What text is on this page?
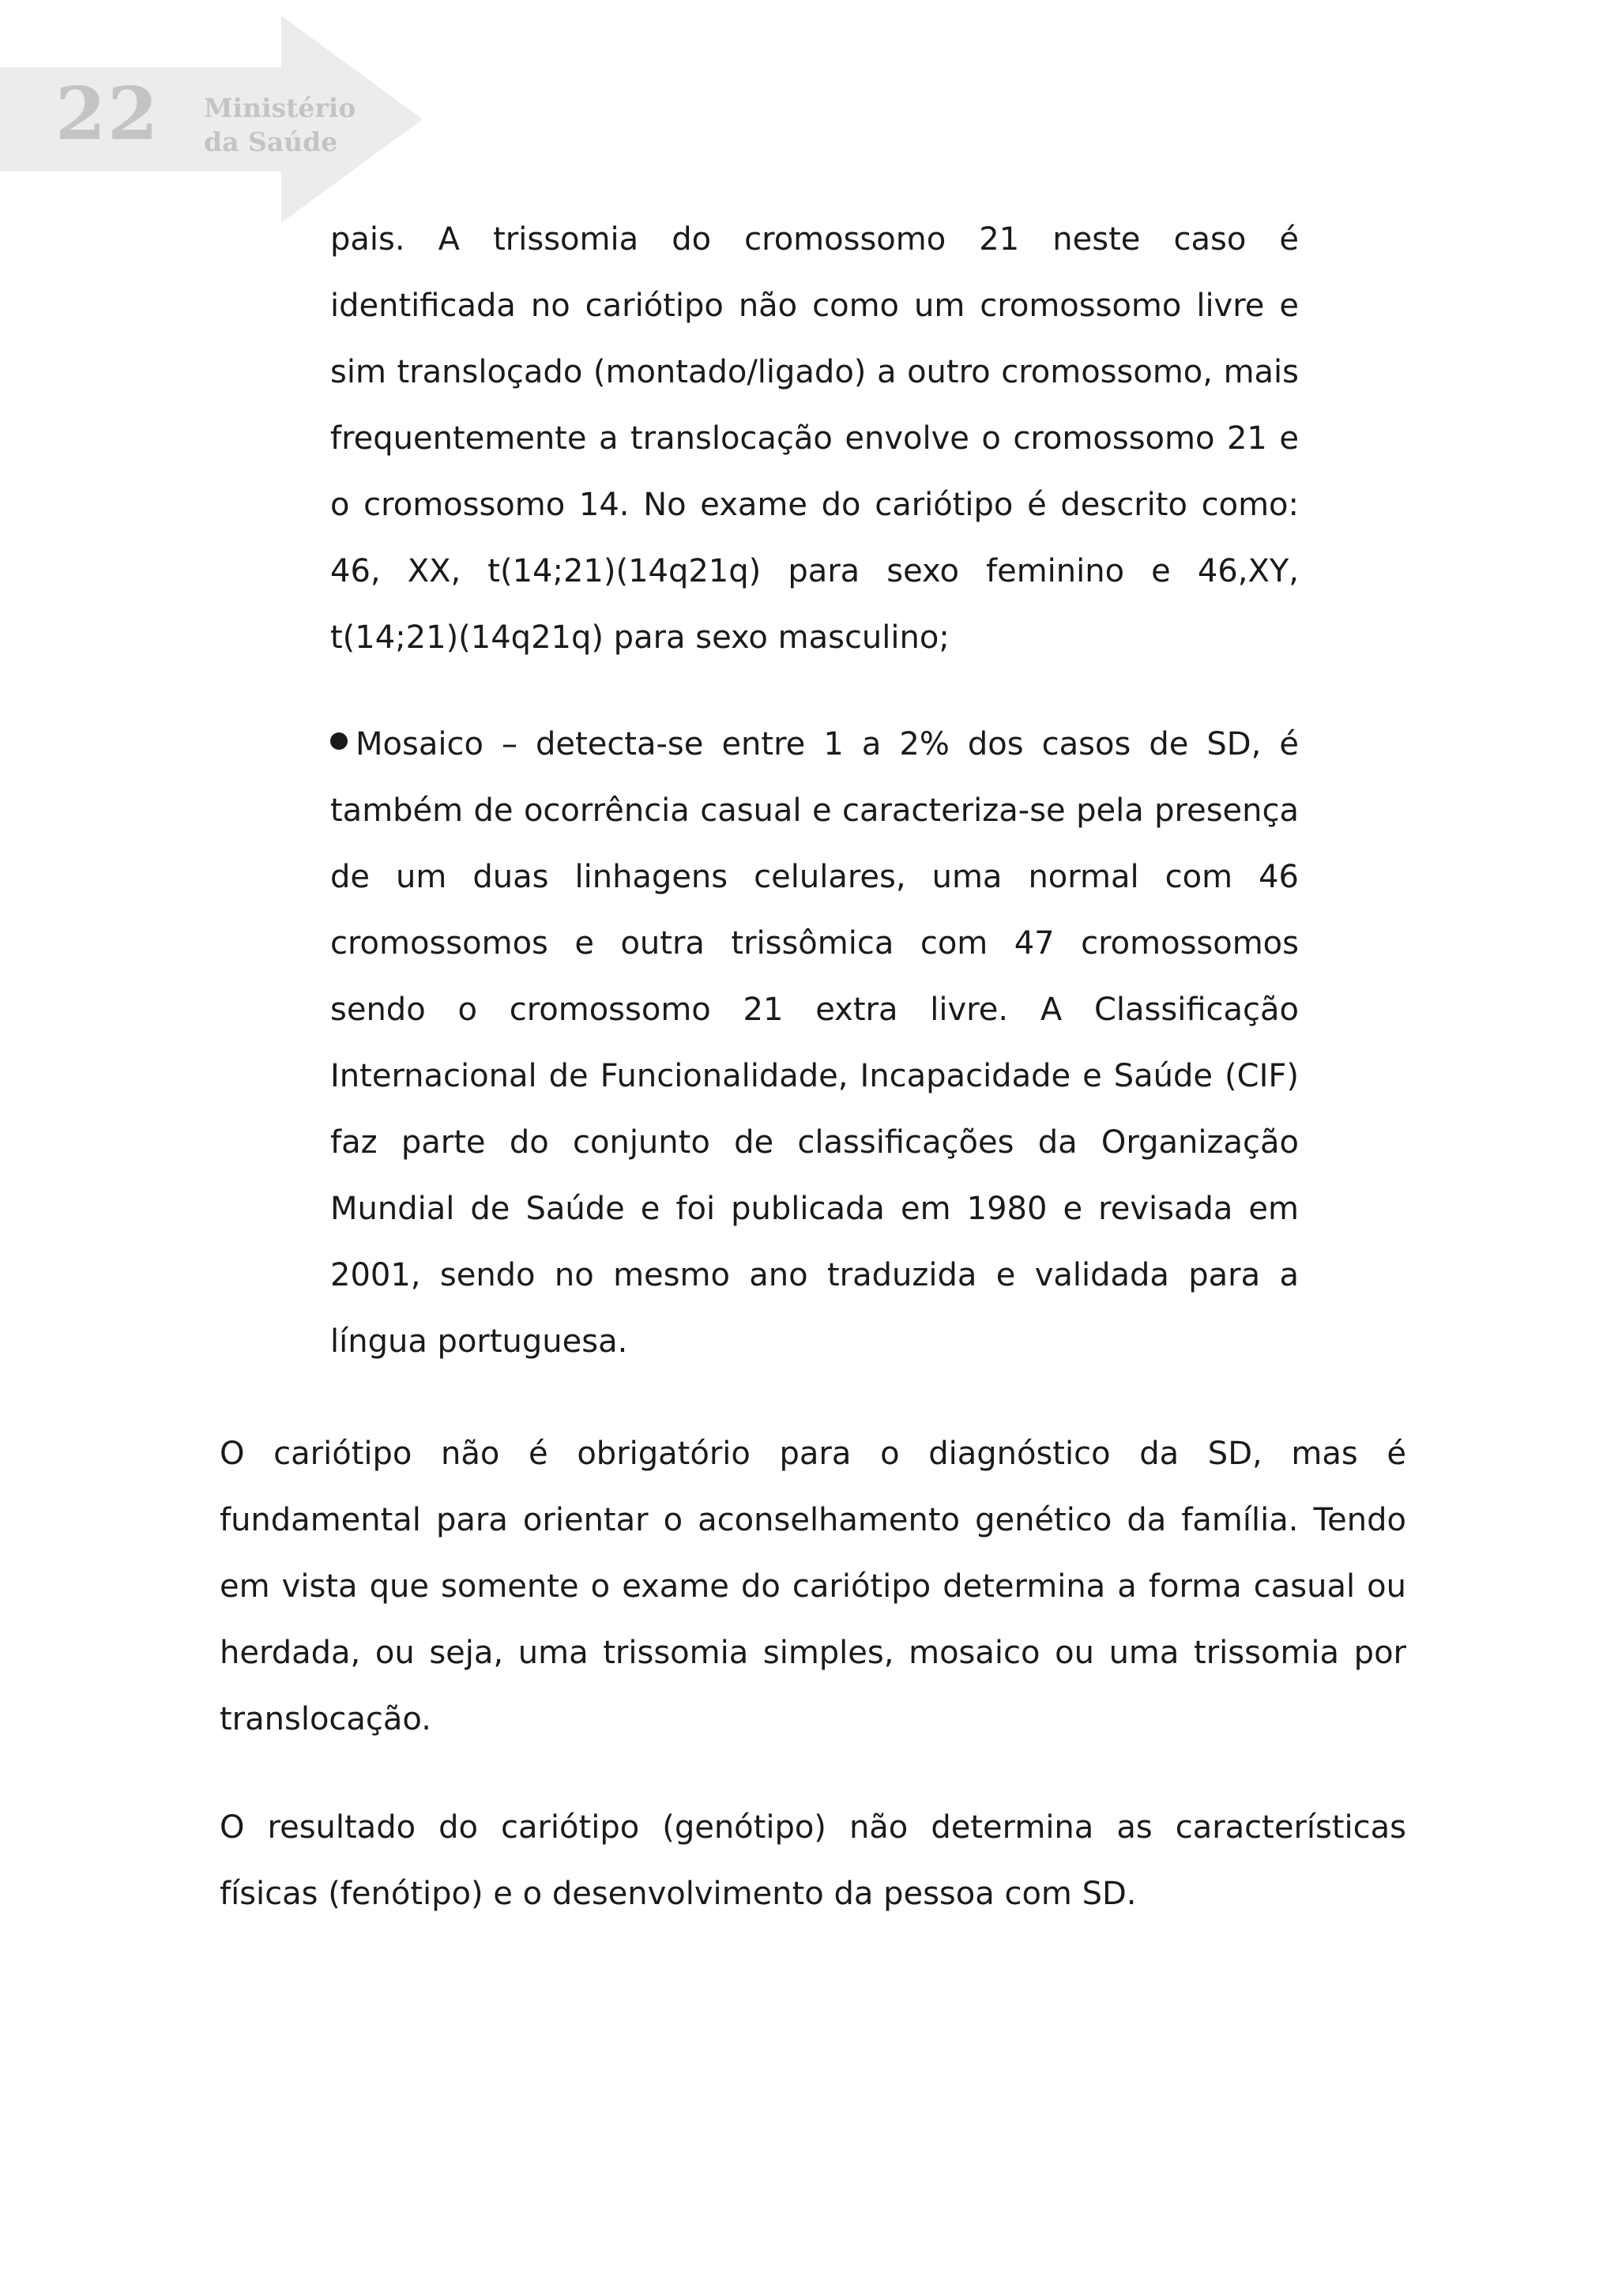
22 Ministério
da Saúde

pais. A trissomia do cromossomo 21 neste caso é identificada no cariótipo não como um cromossomo livre e sim transloçado (montado/ligado) a outro cromossomo, mais frequentemente a translocação envolve o cromossomo 21 e o cromossomo 14. No exame do cariótipo é descrito como: 46, XX, t(14;21)(14q21q) para sexo feminino e 46,XY, t(14;21)(14q21q) para sexo masculino;

Mosaico – detecta-se entre 1 a 2% dos casos de SD, é também de ocorrência casual e caracteriza-se pela presença de um duas linhagens celulares, uma normal com 46 cromossomos e outra trissômica com 47 cromossomos sendo o cromossomo 21 extra livre. A Classificação Internacional de Funcionalidade, Incapacidade e Saúde (CIF) faz parte do conjunto de classificações da Organização Mundial de Saúde e foi publicada em 1980 e revisada em 2001, sendo no mesmo ano traduzida e validada para a língua portuguesa.

O cariótipo não é obrigatório para o diagnóstico da SD, mas é fundamental para orientar o aconselhamento genético da família. Tendo em vista que somente o exame do cariótipo determina a forma casual ou herdada, ou seja, uma trissomia simples, mosaico ou uma trissomia por translocação.

O resultado do cariótipo (genótipo) não determina as características físicas (fenótipo) e o desenvolvimento da pessoa com SD.
